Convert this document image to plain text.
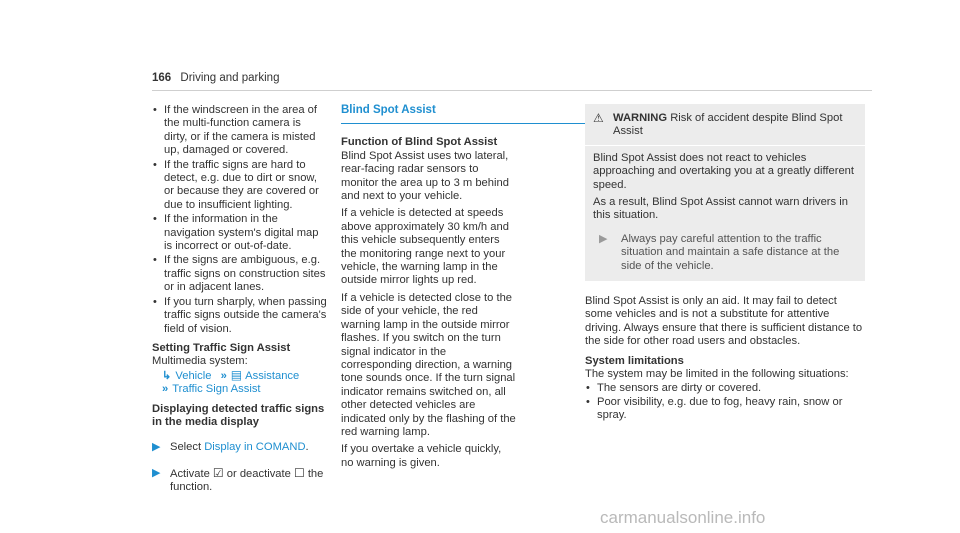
166 Driving and parking
• If the windscreen in the area of the multi-function camera is dirty, or if the camera is misted up, damaged or covered.
• If the traffic signs are hard to detect, e.g. due to dirt or snow, or because they are covered or due to insufficient lighting.
• If the information in the navigation system's digital map is incorrect or out-of-date.
• If the signs are ambiguous, e.g. traffic signs on construction sites or in adjacent lanes.
• If you turn sharply, when passing traffic signs outside the camera's field of vision.
Setting Traffic Sign Assist
Multimedia system:
↳ Vehicle » ▤ Assistance
» Traffic Sign Assist
Displaying detected traffic signs in the media display
▶ Select Display in COMAND.
▶ Activate ☑ or deactivate ☐ the function.
Blind Spot Assist
Function of Blind Spot Assist

Blind Spot Assist uses two lateral, rear-facing radar sensors to monitor the area up to 3 m behind and next to your vehicle.

If a vehicle is detected at speeds above approximately 30 km/h and this vehicle subsequently enters the monitoring range next to your vehicle, the warning lamp in the outside mirror lights up red.

If a vehicle is detected close to the side of your vehicle, the red warning lamp in the outside mirror flashes. If you switch on the turn signal indicator in the corresponding direction, a warning tone sounds once. If the turn signal indicator remains switched on, all other detected vehicles are indicated only by the flashing of the red warning lamp.

If you overtake a vehicle quickly, no warning is given.

⚠ WARNING Risk of accident despite Blind Spot Assist

Blind Spot Assist does not react to vehicles approaching and overtaking you at a greatly different speed.

As a result, Blind Spot Assist cannot warn drivers in this situation.

▶	Always pay careful attention to the traffic situation and maintain a safe distance at the side of the vehicle.

Blind Spot Assist is only an aid. It may fail to detect some vehicles and is not a substitute for attentive driving. Always ensure that there is sufficient distance to the side for other road users and obstacles.

System limitations
The system may be limited in the following situations:
• The sensors are dirty or covered.
• Poor visibility, e.g. due to fog, heavy rain, snow or spray.
carmanualsonline.info
